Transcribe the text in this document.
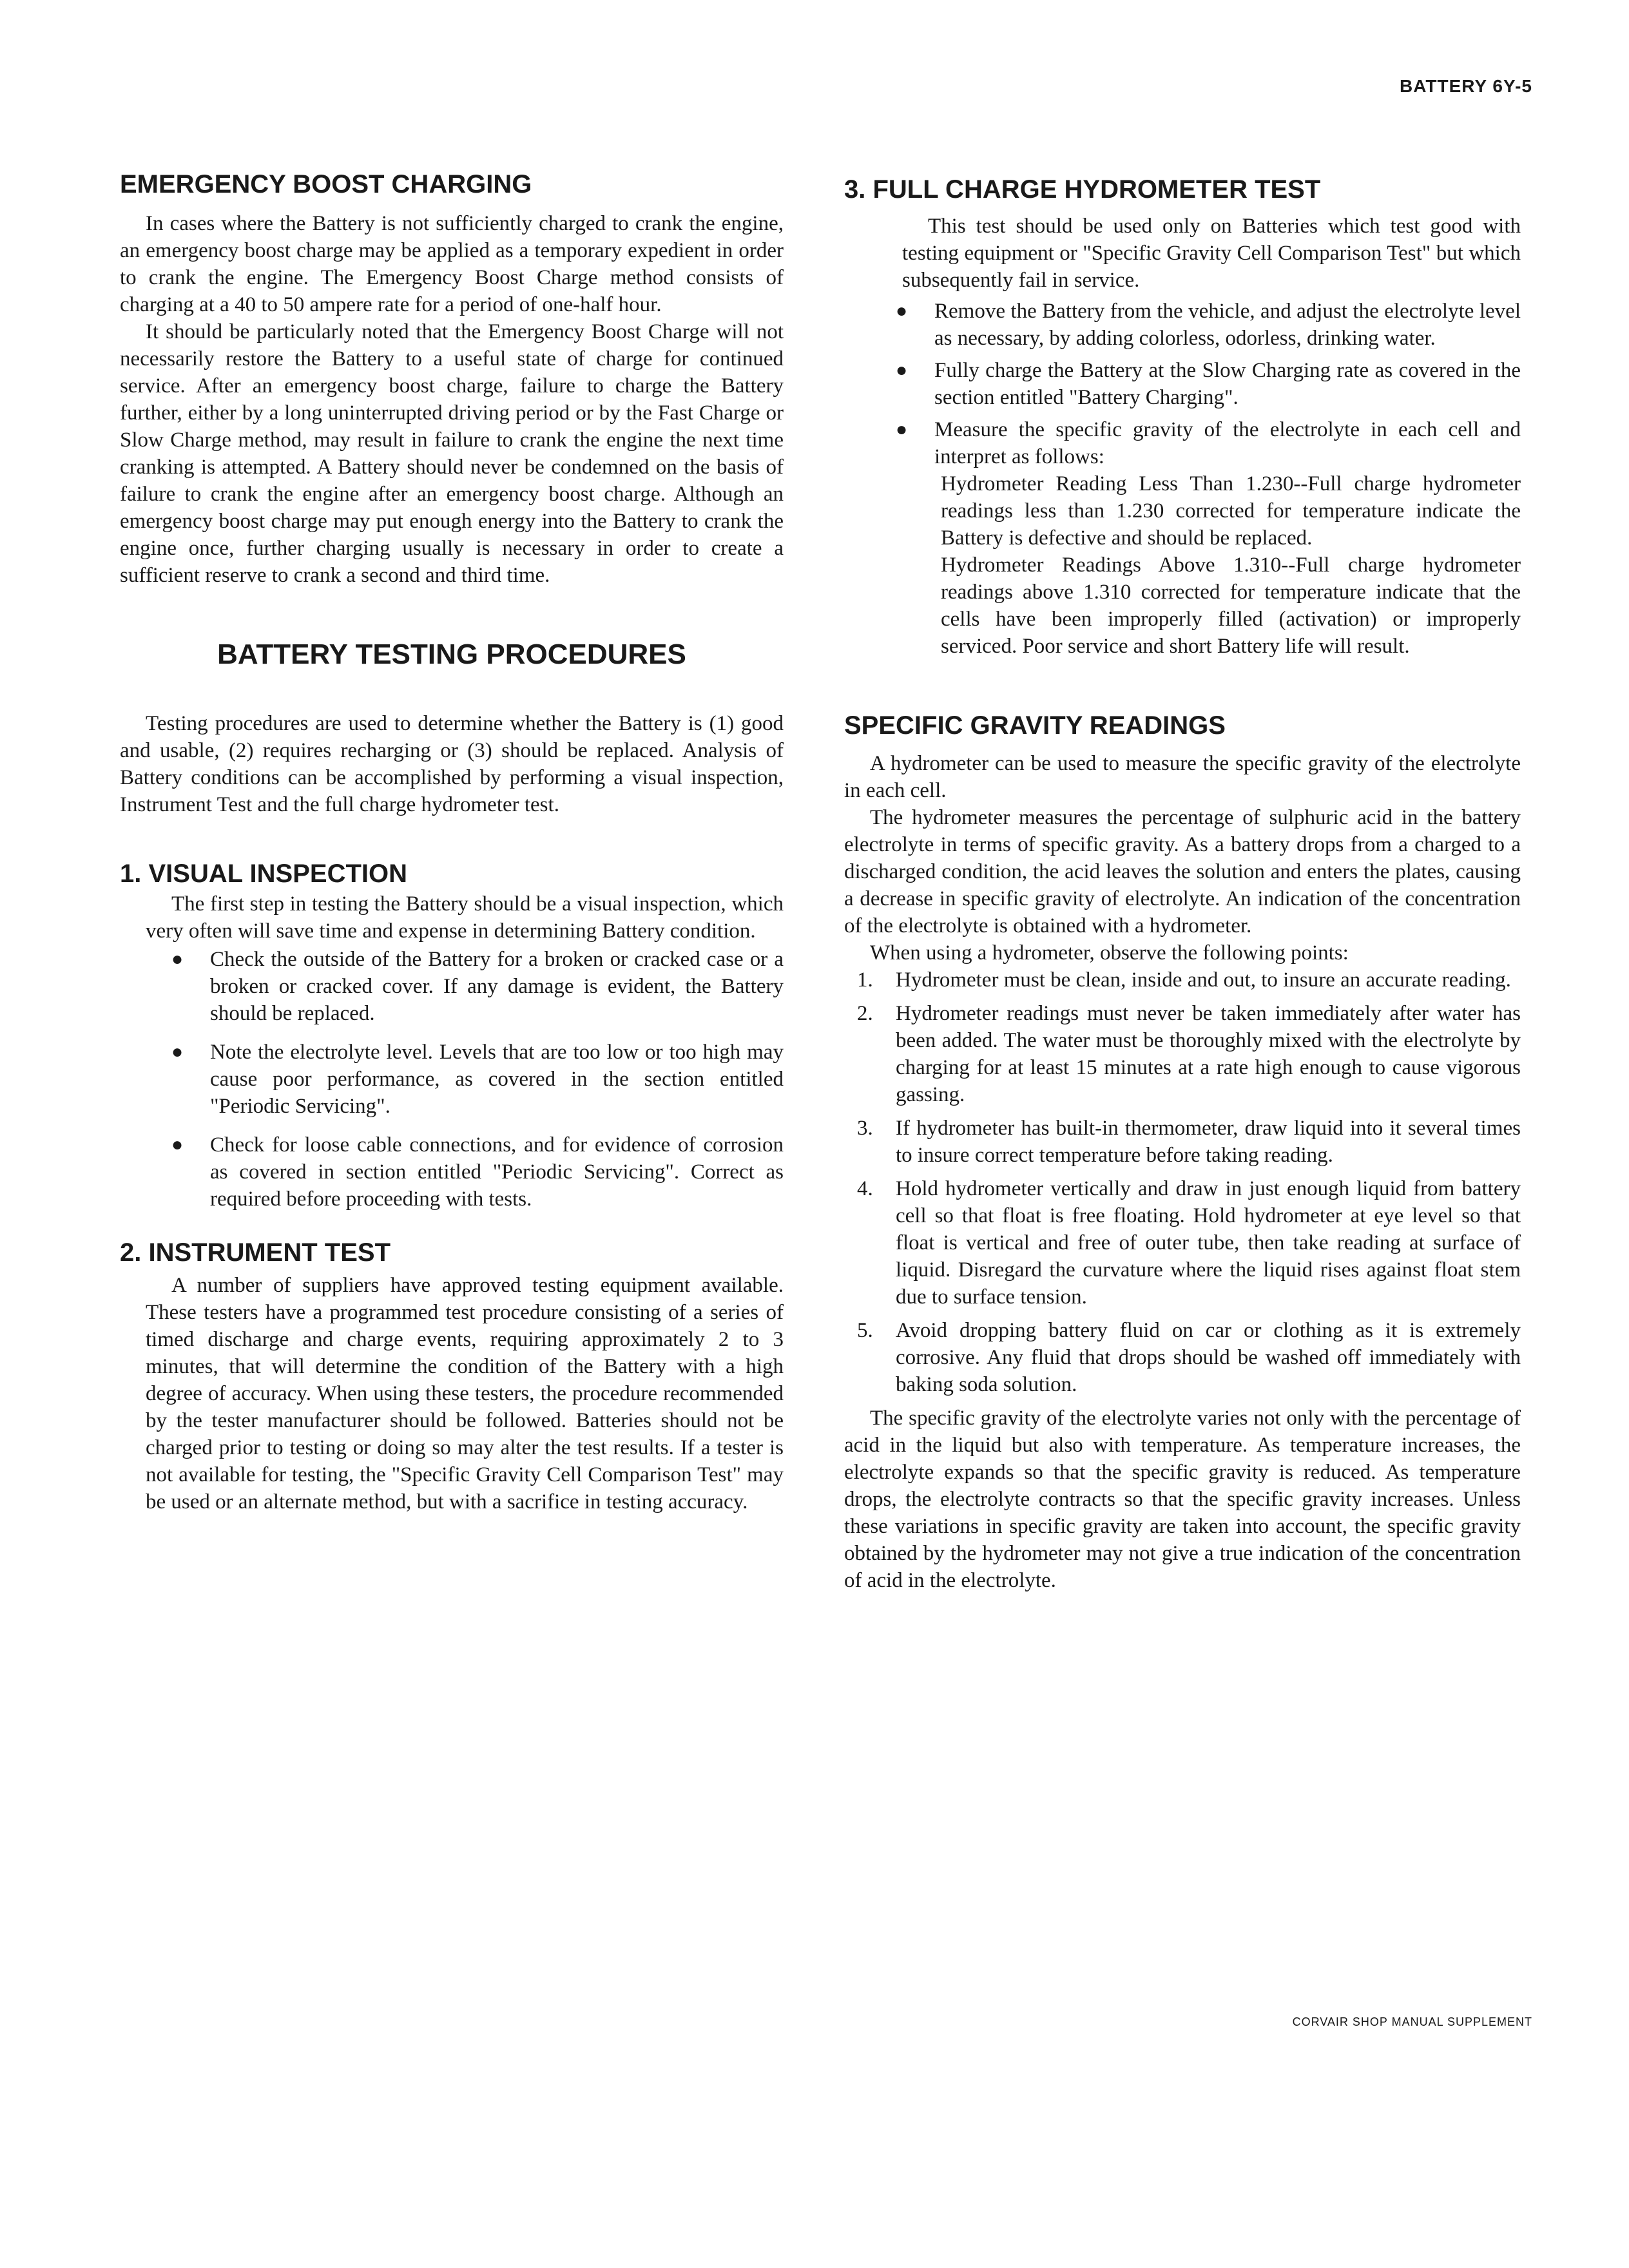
BATTERY 6Y-5
EMERGENCY BOOST CHARGING

In cases where the Battery is not sufficiently charged to crank the engine, an emergency boost charge may be applied as a temporary expedient in order to crank the engine. The Emergency Boost Charge method consists of charging at a 40 to 50 ampere rate for a period of one-half hour.

It should be particularly noted that the Emergency Boost Charge will not necessarily restore the Battery to a useful state of charge for continued service. After an emergency boost charge, failure to charge the Battery further, either by a long uninterrupted driving period or by the Fast Charge or Slow Charge method, may result in failure to crank the engine the next time cranking is attempted. A Battery should never be condemned on the basis of failure to crank the engine after an emergency boost charge. Although an emergency boost charge may put enough energy into the Battery to crank the engine once, further charging usually is necessary in order to create a sufficient reserve to crank a second and third time.

BATTERY TESTING PROCEDURES

Testing procedures are used to determine whether the Battery is (1) good and usable, (2) requires recharging or (3) should be replaced. Analysis of Battery conditions can be accomplished by performing a visual inspection, Instrument Test and the full charge hydrometer test.

1. VISUAL INSPECTION

The first step in testing the Battery should be a visual inspection, which very often will save time and expense in determining Battery condition.

● Check the outside of the Battery for a broken or cracked case or a broken or cracked cover. If any damage is evident, the Battery should be replaced.
● Note the electrolyte level. Levels that are too low or too high may cause poor performance, as covered in the section entitled "Periodic Servicing".
● Check for loose cable connections, and for evidence of corrosion as covered in section entitled "Periodic Servicing". Correct as required before proceeding with tests.
2. INSTRUMENT TEST

A number of suppliers have approved testing equipment available. These testers have a programmed test procedure consisting of a series of timed discharge and charge events, requiring approximately 2 to 3 minutes, that will determine the condition of the Battery with a high degree of accuracy. When using these testers, the procedure recommended by the tester manufacturer should be followed. Batteries should not be charged prior to testing or doing so may alter the test results. If a tester is not available for testing, the "Specific Gravity Cell Comparison Test" may be used or an alternate method, but with a sacrifice in testing accuracy.

3. FULL CHARGE HYDROMETER TEST

This test should be used only on Batteries which test good with testing equipment or "Specific Gravity Cell Comparison Test" but which subsequently fail in service.

● Remove the Battery from the vehicle, and adjust the electrolyte level as necessary, by adding colorless, odorless, drinking water.
● Fully charge the Battery at the Slow Charging rate as covered in the section entitled "Battery Charging".
● Measure the specific gravity of the electrolyte in each cell and interpret as follows:

Hydrometer Reading Less Than 1.230--Full charge hydrometer readings less than 1.230 corrected for temperature indicate the Battery is defective and should be replaced.

Hydrometer Readings Above 1.310--Full charge hydrometer readings above 1.310 corrected for temperature indicate that the cells have been improperly filled (activation) or improperly serviced. Poor service and short Battery life will result.

SPECIFIC GRAVITY READINGS

A hydrometer can be used to measure the specific gravity of the electrolyte in each cell.

The hydrometer measures the percentage of sulphuric acid in the battery electrolyte in terms of specific gravity. As a battery drops from a charged to a discharged condition, the acid leaves the solution and enters the plates, causing a decrease in specific gravity of electrolyte. An indication of the concentration of the electrolyte is obtained with a hydrometer.

When using a hydrometer, observe the following points:

1. Hydrometer must be clean, inside and out, to insure an accurate reading.
2. Hydrometer readings must never be taken immediately after water has been added. The water must be thoroughly mixed with the electrolyte by charging for at least 15 minutes at a rate high enough to cause vigorous gassing.
3. If hydrometer has built-in thermometer, draw liquid into it several times to insure correct temperature before taking reading.
4. Hold hydrometer vertically and draw in just enough liquid from battery cell so that float is free floating. Hold hydrometer at eye level so that float is vertical and free of outer tube, then take reading at surface of liquid. Disregard the curvature where the liquid rises against float stem due to surface tension.
5. Avoid dropping battery fluid on car or clothing as it is extremely corrosive. Any fluid that drops should be washed off immediately with baking soda solution.

The specific gravity of the electrolyte varies not only with the percentage of acid in the liquid but also with temperature. As temperature increases, the electrolyte expands so that the specific gravity is reduced. As temperature drops, the electrolyte contracts so that the specific gravity increases. Unless these variations in specific gravity are taken into account, the specific gravity obtained by the hydrometer may not give a true indication of the concentration of acid in the electrolyte.

CORVAIR SHOP MANUAL SUPPLEMENT
